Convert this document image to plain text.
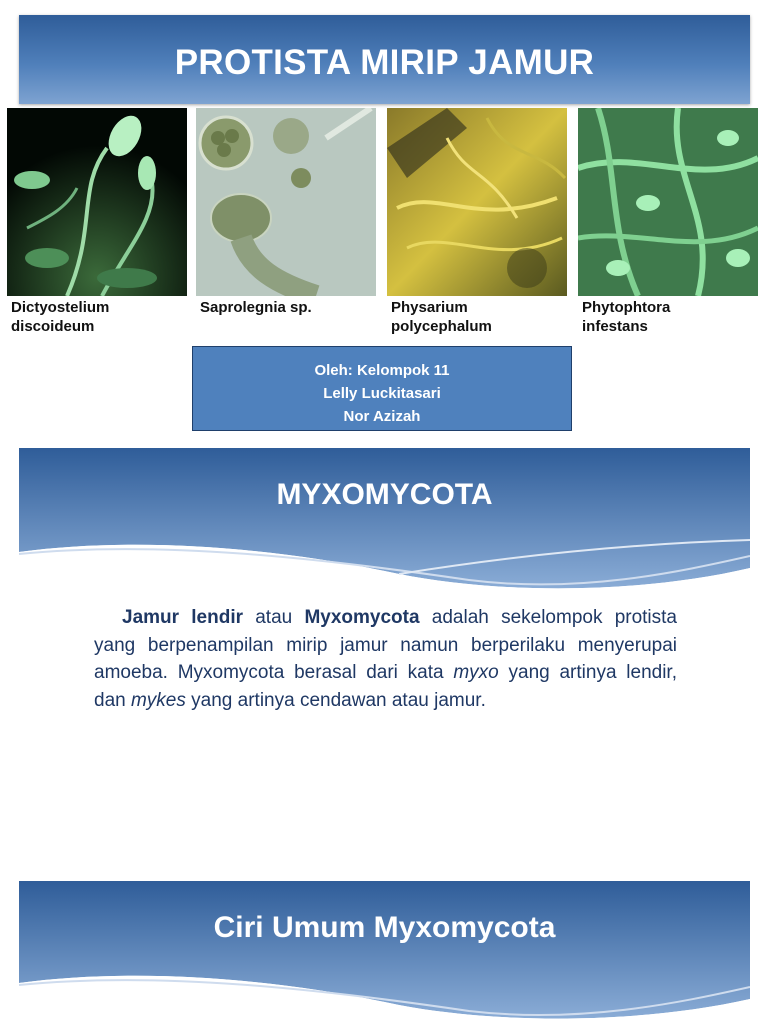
PROTISTA MIRIP JAMUR
Dictyostelium
discoideum
Saprolegnia sp.	Physarium
polycephalum
Phytophtora
infestans
Oleh: Kelompok 11
Lelly Luckitasari
Nor Azizah
MYXOMYCOTA

Jamur lendir atau Myxomycota adalah sekelompok protista yang berpenampilan mirip jamur namun berperilaku menyerupai amoeba. Myxomycota berasal dari kata myxo yang artinya lendir, dan mykes yang artinya cendawan atau jamur.

Ciri Umum Myxomycota
